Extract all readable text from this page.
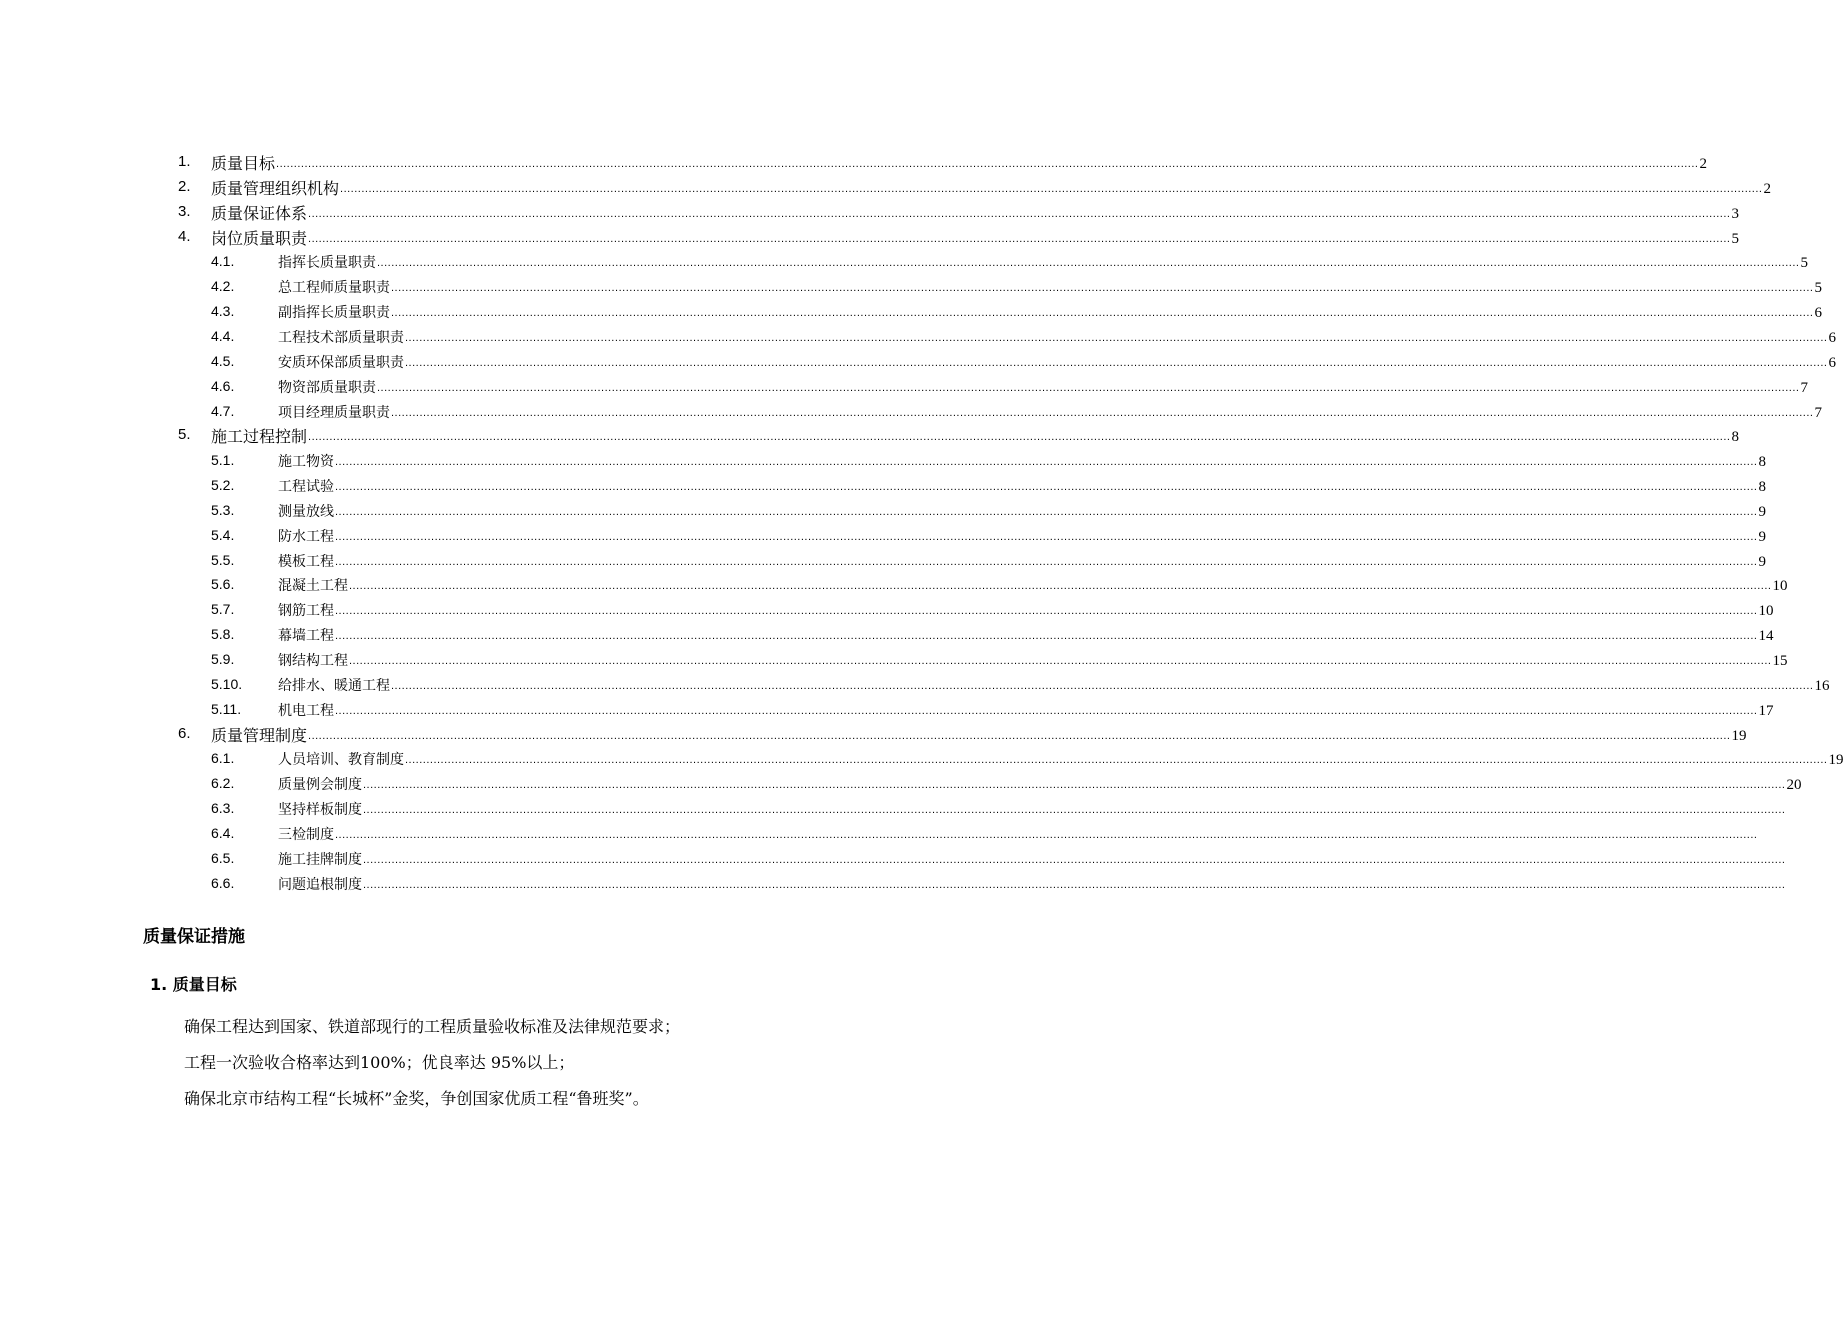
1. 质量目标 ................................................................................................................................................................................................................................................................................................................................................................................................................ 2
2. 质量管理组织机构 ................................................................................................................................................................................................................................................................................................................................................................................................................ 2
3. 质量保证体系 ................................................................................................................................................................................................................................................................................................................................................................................................................ 3
4. 岗位质量职责 ................................................................................................................................................................................................................................................................................................................................................................................................................ 5
4.1.	指挥长质量职责 ................................................................................................................................................................................................................................................................................................................................................................................................................ 5
4.2.	总工程师质量职责 ................................................................................................................................................................................................................................................................................................................................................................................................................ 5
4.3.	副指挥长质量职责 ................................................................................................................................................................................................................................................................................................................................................................................................................ 6
4.4.	工程技术部质量职责 ................................................................................................................................................................................................................................................................................................................................................................................................................ 6
4.5.	安质环保部质量职责 ................................................................................................................................................................................................................................................................................................................................................................................................................ 6
4.6.	物资部质量职责 ................................................................................................................................................................................................................................................................................................................................................................................................................ 7
4.7.	项目经理质量职责 ................................................................................................................................................................................................................................................................................................................................................................................................................ 7
5. 施工过程控制 ................................................................................................................................................................................................................................................................................................................................................................................................................ 8
5.1.	施工物资 ................................................................................................................................................................................................................................................................................................................................................................................................................ 8
5.2.	工程试验 ................................................................................................................................................................................................................................................................................................................................................................................................................ 8
5.3.	测量放线 ................................................................................................................................................................................................................................................................................................................................................................................................................ 9
5.4.	防水工程 ................................................................................................................................................................................................................................................................................................................................................................................................................ 9
5.5.	模板工程 ................................................................................................................................................................................................................................................................................................................................................................................................................ 9
5.6.	混凝土工程 ................................................................................................................................................................................................................................................................................................................................................................................................................ 10
5.7.	钢筋工程 ................................................................................................................................................................................................................................................................................................................................................................................................................ 10
5.8.	幕墙工程 ................................................................................................................................................................................................................................................................................................................................................................................................................ 14
5.9.	钢结构工程 ................................................................................................................................................................................................................................................................................................................................................................................................................ 15
5.10.	给排水、暖通工程 ................................................................................................................................................................................................................................................................................................................................................................................................................ 16
5.11.	机电工程 ................................................................................................................................................................................................................................................................................................................................................................................................................ 17
6. 质量管理制度 ................................................................................................................................................................................................................................................................................................................................................................................................................ 19
6.1.	人员培训、教育制度 ................................................................................................................................................................................................................................................................................................................................................................................................................ 19
6.2.	质量例会制度 ................................................................................................................................................................................................................................................................................................................................................................................................................ 20
6.3.	坚持样板制度 ................................................................................................................................................................................................................................................................................................................................................................................................................
6.4.	三检制度 ................................................................................................................................................................................................................................................................................................................................................................................................................
6.5.	施工挂牌制度 ................................................................................................................................................................................................................................................................................................................................................................................................................
6.6.	问题追根制度 ................................................................................................................................................................................................................................................................................................................................................................................................................
质量保证措施
1. 质量目标
确保工程达到国家、铁道部现行的工程质量验收标准及法律规范要求；
工程一次验收合格率达到100%；优良率达 95%以上；
确保北京市结构工程“长城杯”金奖，争创国家优质工程“鲁班奖”。
